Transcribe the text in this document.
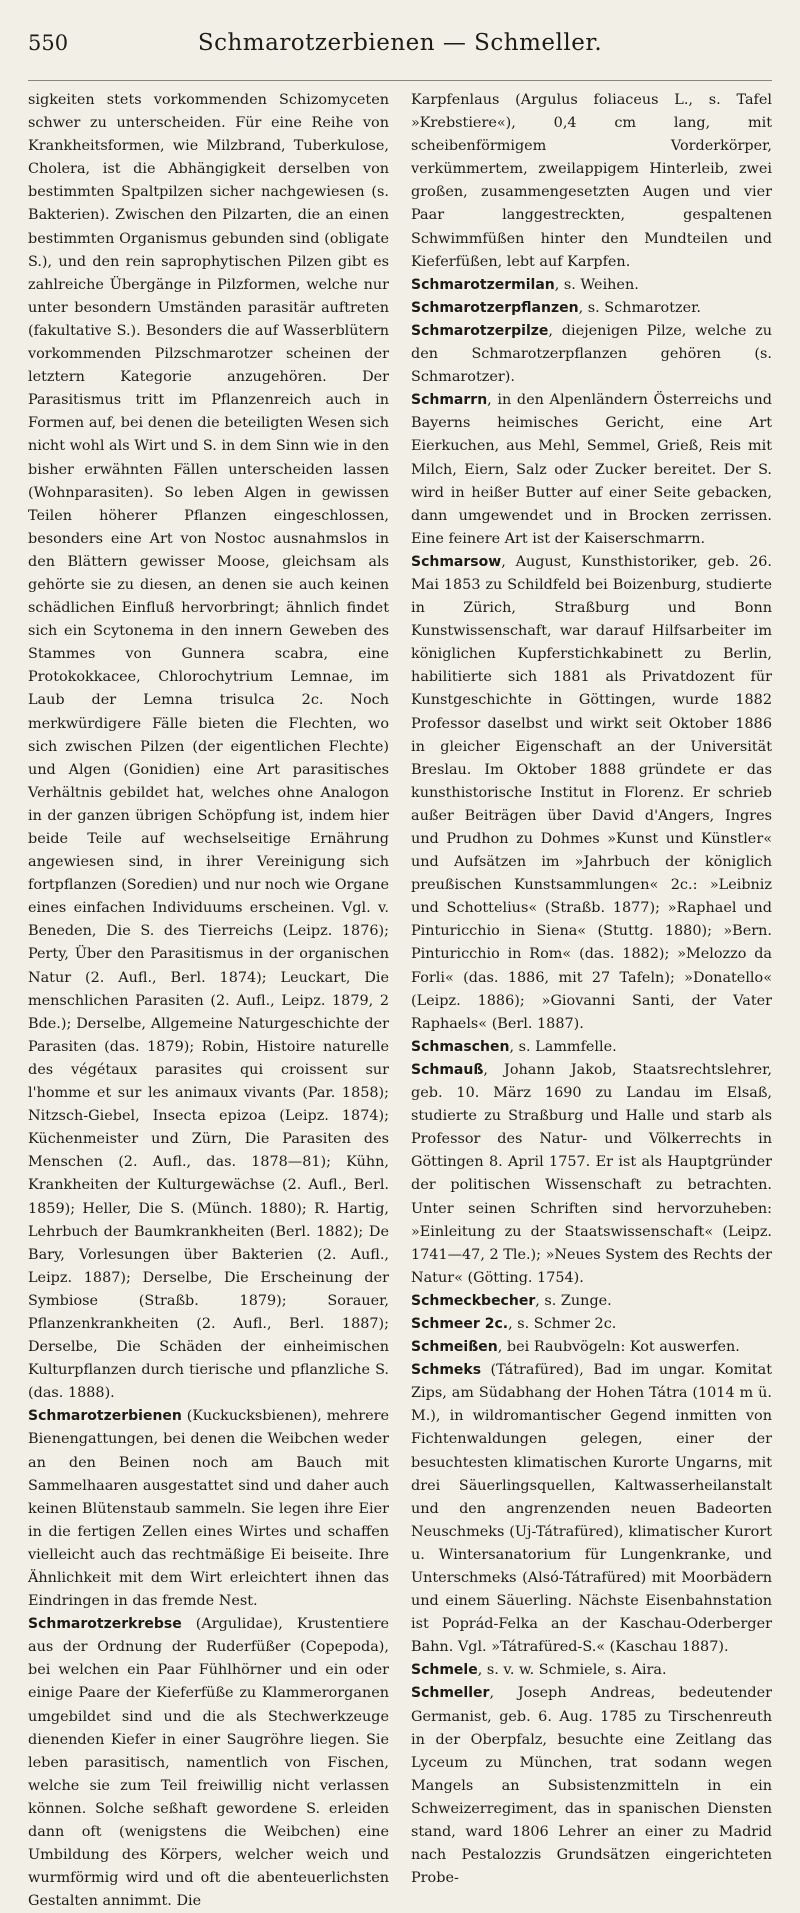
550	Schmarotzerbienen — Schmeller.

sigkeiten stets vorkommenden Schizomyceten schwer zu unterscheiden. Für eine Reihe von Krankheitsformen, wie Milzbrand, Tuberkulose, Cholera, ist die Abhängigkeit derselben von bestimmten Spaltpilzen sicher nachgewiesen (s. Bakterien). Zwischen den Pilzarten, die an einen bestimmten Organismus gebunden sind (obligate S.), und den rein saprophytischen Pilzen gibt es zahlreiche Übergänge in Pilzformen, welche nur unter besondern Umständen parasitär auftreten (fakultative S.). Besonders die auf Wasserblütern vorkommenden Pilzschmarotzer scheinen der letztern Kategorie anzugehören. Der Parasitismus tritt im Pflanzenreich auch in Formen auf, bei denen die beteiligten Wesen sich nicht wohl als Wirt und S. in dem Sinn wie in den bisher erwähnten Fällen unterscheiden lassen (Wohnparasiten). So leben Algen in gewissen Teilen höherer Pflanzen eingeschlossen, besonders eine Art von Nostoc ausnahmslos in den Blättern gewisser Moose, gleichsam als gehörte sie zu diesen, an denen sie auch keinen schädlichen Einfluß hervorbringt; ähnlich findet sich ein Scytonema in den innern Geweben des Stammes von Gunnera scabra, eine Protokokkacee, Chlorochytrium Lemnae, im Laub der Lemna trisulca 2c. Noch merkwürdigere Fälle bieten die Flechten, wo sich zwischen Pilzen (der eigentlichen Flechte) und Algen (Gonidien) eine Art parasitisches Verhältnis gebildet hat, welches ohne Analogon in der ganzen übrigen Schöpfung ist, indem hier beide Teile auf wechselseitige Ernährung angewiesen sind, in ihrer Vereinigung sich fortpflanzen (Soredien) und nur noch wie Organe eines einfachen Individuums erscheinen. Vgl. v. Beneden, Die S. des Tierreichs (Leipz. 1876); Perty, Über den Parasitismus in der organischen Natur (2. Aufl., Berl. 1874); Leuckart, Die menschlichen Parasiten (2. Aufl., Leipz. 1879, 2 Bde.); Derselbe, Allgemeine Naturgeschichte der Parasiten (das. 1879); Robin, Histoire naturelle des végétaux parasites qui croissent sur l'homme et sur les animaux vivants (Par. 1858); Nitzsch-Giebel, Insecta epizoa (Leipz. 1874); Küchenmeister und Zürn, Die Parasiten des Menschen (2. Aufl., das. 1878—81); Kühn, Krankheiten der Kulturgewächse (2. Aufl., Berl. 1859); Heller, Die S. (Münch. 1880); R. Hartig, Lehrbuch der Baumkrankheiten (Berl. 1882); De Bary, Vorlesungen über Bakterien (2. Aufl., Leipz. 1887); Derselbe, Die Erscheinung der Symbiose (Straßb. 1879); Sorauer, Pflanzenkrankheiten (2. Aufl., Berl. 1887); Derselbe, Die Schäden der einheimischen Kulturpflanzen durch tierische und pflanzliche S. (das. 1888).

Schmarotzerbienen (Kuckucksbienen), mehrere Bienengattungen, bei denen die Weibchen weder an den Beinen noch am Bauch mit Sammelhaaren ausgestattet sind und daher auch keinen Blütenstaub sammeln. Sie legen ihre Eier in die fertigen Zellen eines Wirtes und schaffen vielleicht auch das rechtmäßige Ei beiseite. Ihre Ähnlichkeit mit dem Wirt erleichtert ihnen das Eindringen in das fremde Nest.

Schmarotzerkrebse (Argulidae), Krustentiere aus der Ordnung der Ruderfüßer (Copepoda), bei welchen ein Paar Fühlhörner und ein oder einige Paare der Kieferfüße zu Klammerorganen umgebildet sind und die als Stechwerkzeuge dienenden Kiefer in einer Saugröhre liegen. Sie leben parasitisch, namentlich von Fischen, welche sie zum Teil freiwillig nicht verlassen können. Solche seßhaft gewordene S. erleiden dann oft (wenigstens die Weibchen) eine Umbildung des Körpers, welcher weich und wurmförmig wird und oft die abenteuerlichsten Gestalten annimmt. Die

Karpfenlaus (Argulus foliaceus L., s. Tafel »Krebstiere«), 0,4 cm lang, mit scheibenförmigem Vorderkörper, verkümmertem, zweilappigem Hinterleib, zwei großen, zusammengesetzten Augen und vier Paar langgestreckten, gespaltenen Schwimmfüßen hinter den Mundteilen und Kieferfüßen, lebt auf Karpfen.

Schmarotzermilan, s. Weihen.

Schmarotzerpflanzen, s. Schmarotzer.

Schmarotzerpilze, diejenigen Pilze, welche zu den Schmarotzerpflanzen gehören (s. Schmarotzer).

Schmarrn, in den Alpenländern Österreichs und Bayerns heimisches Gericht, eine Art Eierkuchen, aus Mehl, Semmel, Grieß, Reis mit Milch, Eiern, Salz oder Zucker bereitet. Der S. wird in heißer Butter auf einer Seite gebacken, dann umgewendet und in Brocken zerrissen. Eine feinere Art ist der Kaiserschmarrn.

Schmarsow, August, Kunsthistoriker, geb. 26. Mai 1853 zu Schildfeld bei Boizenburg, studierte in Zürich, Straßburg und Bonn Kunstwissenschaft, war darauf Hilfsarbeiter im königlichen Kupferstichkabinett zu Berlin, habilitierte sich 1881 als Privatdozent für Kunstgeschichte in Göttingen, wurde 1882 Professor daselbst und wirkt seit Oktober 1886 in gleicher Eigenschaft an der Universität Breslau. Im Oktober 1888 gründete er das kunsthistorische Institut in Florenz. Er schrieb außer Beiträgen über David d'Angers, Ingres und Prudhon zu Dohmes »Kunst und Künstler« und Aufsätzen im »Jahrbuch der königlich preußischen Kunstsammlungen« 2c.: »Leibniz und Schottelius« (Straßb. 1877); »Raphael und Pinturicchio in Siena« (Stuttg. 1880); »Bern. Pinturicchio in Rom« (das. 1882); »Melozzo da Forli« (das. 1886, mit 27 Tafeln); »Donatello« (Leipz. 1886); »Giovanni Santi, der Vater Raphaels« (Berl. 1887).

Schmaschen, s. Lammfelle.

Schmauß, Johann Jakob, Staatsrechtslehrer, geb. 10. März 1690 zu Landau im Elsaß, studierte zu Straßburg und Halle und starb als Professor des Natur- und Völkerrechts in Göttingen 8. April 1757. Er ist als Hauptgründer der politischen Wissenschaft zu betrachten. Unter seinen Schriften sind hervorzuheben: »Einleitung zu der Staatswissenschaft« (Leipz. 1741—47, 2 Tle.); »Neues System des Rechts der Natur« (Götting. 1754).

Schmeckbecher, s. Zunge.

Schmeer 2c., s. Schmer 2c.

Schmeißen, bei Raubvögeln: Kot auswerfen.

Schmeks (Tátrafüred), Bad im ungar. Komitat Zips, am Südabhang der Hohen Tátra (1014 m ü. M.), in wildromantischer Gegend inmitten von Fichtenwaldungen gelegen, einer der besuchtesten klimatischen Kurorte Ungarns, mit drei Säuerlingsquellen, Kaltwasserheilanstalt und den angrenzenden neuen Badeorten Neuschmeks (Uj-Tátrafüred), klimatischer Kurort u. Wintersanatorium für Lungenkranke, und Unterschmeks (Alsó-Tátrafüred) mit Moorbädern und einem Säuerling. Nächste Eisenbahnstation ist Poprád-Felka an der Kaschau-Oderberger Bahn. Vgl. »Tátrafüred-S.« (Kaschau 1887).

Schmele, s. v. w. Schmiele, s. Aira.

Schmeller, Joseph Andreas, bedeutender Germanist, geb. 6. Aug. 1785 zu Tirschenreuth in der Oberpfalz, besuchte eine Zeitlang das Lyceum zu München, trat sodann wegen Mangels an Subsistenzmitteln in ein Schweizerregiment, das in spanischen Diensten stand, ward 1806 Lehrer an einer zu Madrid nach Pestalozzis Grundsätzen eingerichteten Probe-
